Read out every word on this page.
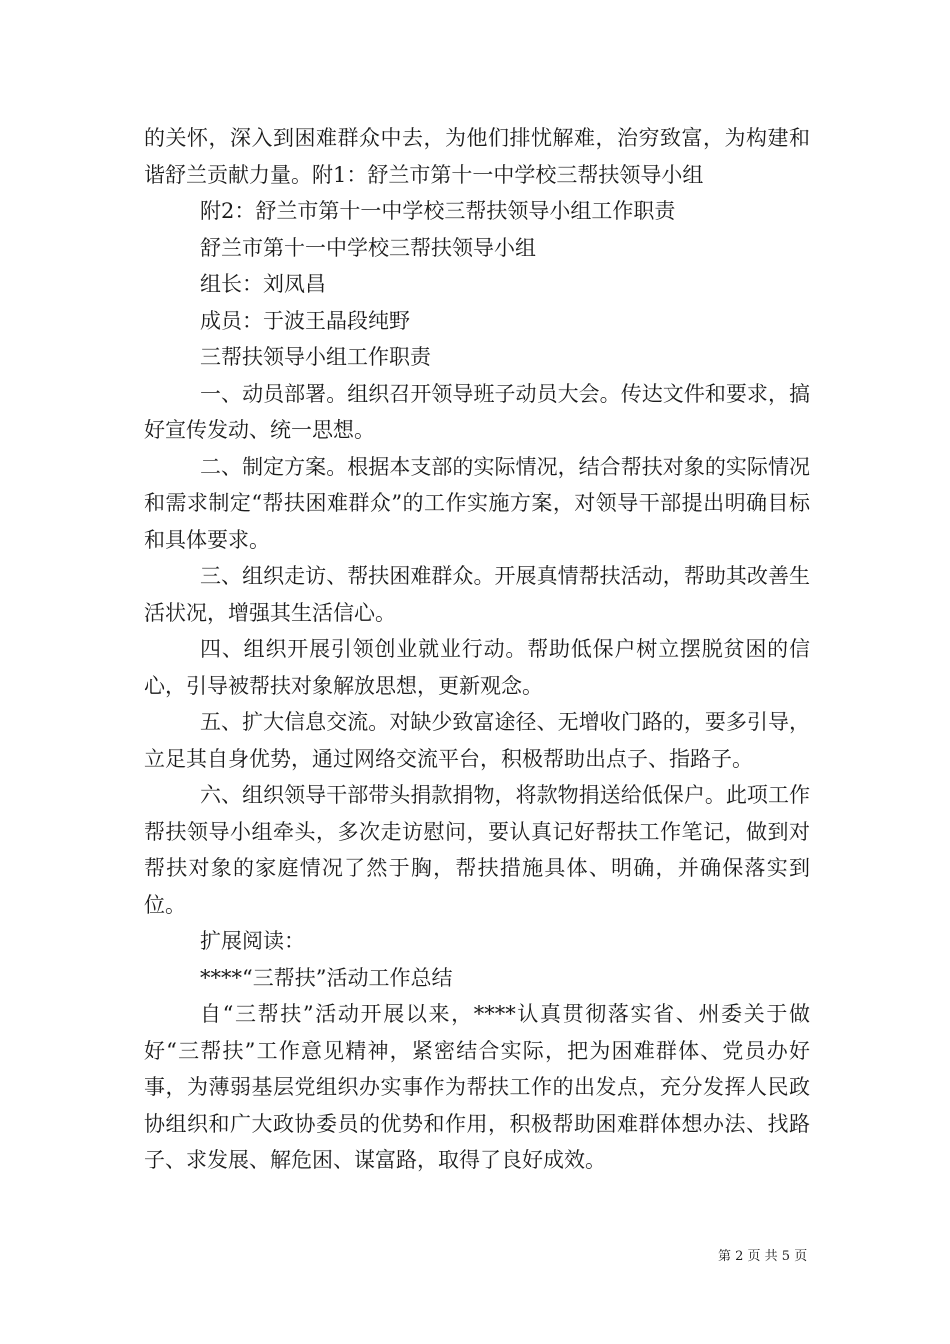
的关怀，深入到困难群众中去，为他们排忧解难，治穷致富，为构建和谐舒兰贡献力量。附1：舒兰市第十一中学校三帮扶领导小组

附2：舒兰市第十一中学校三帮扶领导小组工作职责

舒兰市第十一中学校三帮扶领导小组

组长：刘凤昌

成员：于波王晶段纯野

三帮扶领导小组工作职责

一、动员部署。组织召开领导班子动员大会。传达文件和要求，搞好宣传发动、统一思想。

二、制定方案。根据本支部的实际情况，结合帮扶对象的实际情况和需求制定“帮扶困难群众”的工作实施方案，对领导干部提出明确目标和具体要求。

三、组织走访、帮扶困难群众。开展真情帮扶活动，帮助其改善生活状况，增强其生活信心。

四、组织开展引领创业就业行动。帮助低保户树立摆脱贫困的信心，引导被帮扶对象解放思想，更新观念。

五、扩大信息交流。对缺少致富途径、无增收门路的，要多引导，立足其自身优势，通过网络交流平台，积极帮助出点子、指路子。

六、组织领导干部带头捐款捐物，将款物捐送给低保户。此项工作帮扶领导小组牵头，多次走访慰问，要认真记好帮扶工作笔记，做到对帮扶对象的家庭情况了然于胸，帮扶措施具体、明确，并确保落实到位。

扩展阅读：

****“三帮扶”活动工作总结

自“三帮扶”活动开展以来，****认真贯彻落实省、州委关于做好“三帮扶”工作意见精神，紧密结合实际，把为困难群体、党员办好事，为薄弱基层党组织办实事作为帮扶工作的出发点，充分发挥人民政协组织和广大政协委员的优势和作用，积极帮助困难群体想办法、找路子、求发展、解危困、谋富路，取得了良好成效。

第 2 页 共 5 页
